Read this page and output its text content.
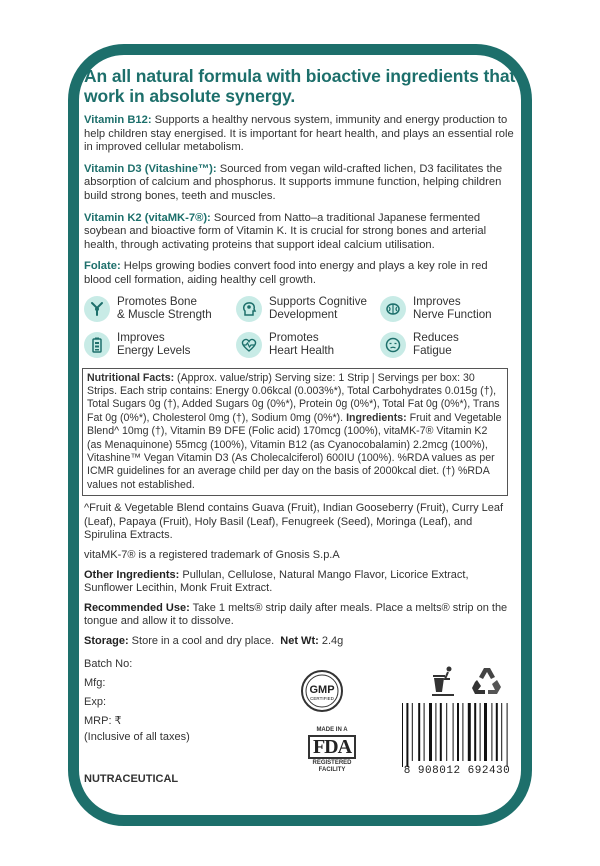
An all natural formula with bioactive ingredients that work in absolute synergy.

Vitamin B12: Supports a healthy nervous system, immunity and energy production to help children stay energised. It is important for heart health, and plays an essential role in improved cellular metabolism.

Vitamin D3 (Vitashine™): Sourced from vegan wild-crafted lichen, D3 facilitates the absorption of calcium and phosphorus. It supports immune function, helping children build strong bones, teeth and muscles.

Vitamin K2 (vitaMK-7®): Sourced from Natto–a traditional Japanese fermented soybean and bioactive form of Vitamin K. It is crucial for strong bones and arterial health, through activating proteins that support ideal calcium utilisation.

Folate: Helps growing bodies convert food into energy and plays a key role in red blood cell formation, aiding healthy cell growth.

Promotes Bone
& Muscle Strength
Supports Cognitive
Development
Improves
Nerve Function
Improves
Energy Levels
Promotes
Heart Health
Reduces
Fatigue
Nutritional Facts: (Approx. value/strip) Serving size: 1 Strip | Servings per box: 30 Strips. Each strip contains: Energy 0.06kcal (0.003%*), Total Carbohydrates 0.015g (†), Total Sugars 0g (†), Added Sugars 0g (0%*), Protein 0g (0%*), Total Fat 0g (0%*), Trans Fat 0g (0%*), Cholesterol 0mg (†), Sodium 0mg (0%*). Ingredients: Fruit and Vegetable Blend^ 10mg (†), Vitamin B9 DFE (Folic acid) 170mcg (100%), vitaMK-7® Vitamin K2 (as Menaquinone) 55mcg (100%), Vitamin B12 (as Cyanocobalamin) 2.2mcg (100%), Vitashine™ Vegan Vitamin D3 (As Cholecalciferol) 600IU (100%). %RDA values as per ICMR guidelines for an average child per day on the basis of 2000kcal diet. (†) %RDA values not established.

^Fruit & Vegetable Blend contains Guava (Fruit), Indian Gooseberry (Fruit), Curry Leaf (Leaf), Papaya (Fruit), Holy Basil (Leaf), Fenugreek (Seed), Moringa (Leaf), and Spirulina Extracts.

vitaMK-7® is a registered trademark of Gnosis S.p.A

Other Ingredients: Pullulan, Cellulose, Natural Mango Flavor, Licorice Extract, Sunflower Lecithin, Monk Fruit Extract.

Recommended Use: Take 1 melts® strip daily after meals. Place a melts® strip on the tongue and allow it to dissolve.

Storage: Store in a cool and dry place. Net Wt: 2.4g

Batch No:
Mfg:
Exp:
MRP: ₹
(Inclusive of all taxes)
NUTRACEUTICAL
GMP
CERTIFIED
MADE IN A
FDA
REGISTERED
FACILITY	8 908012 692430
